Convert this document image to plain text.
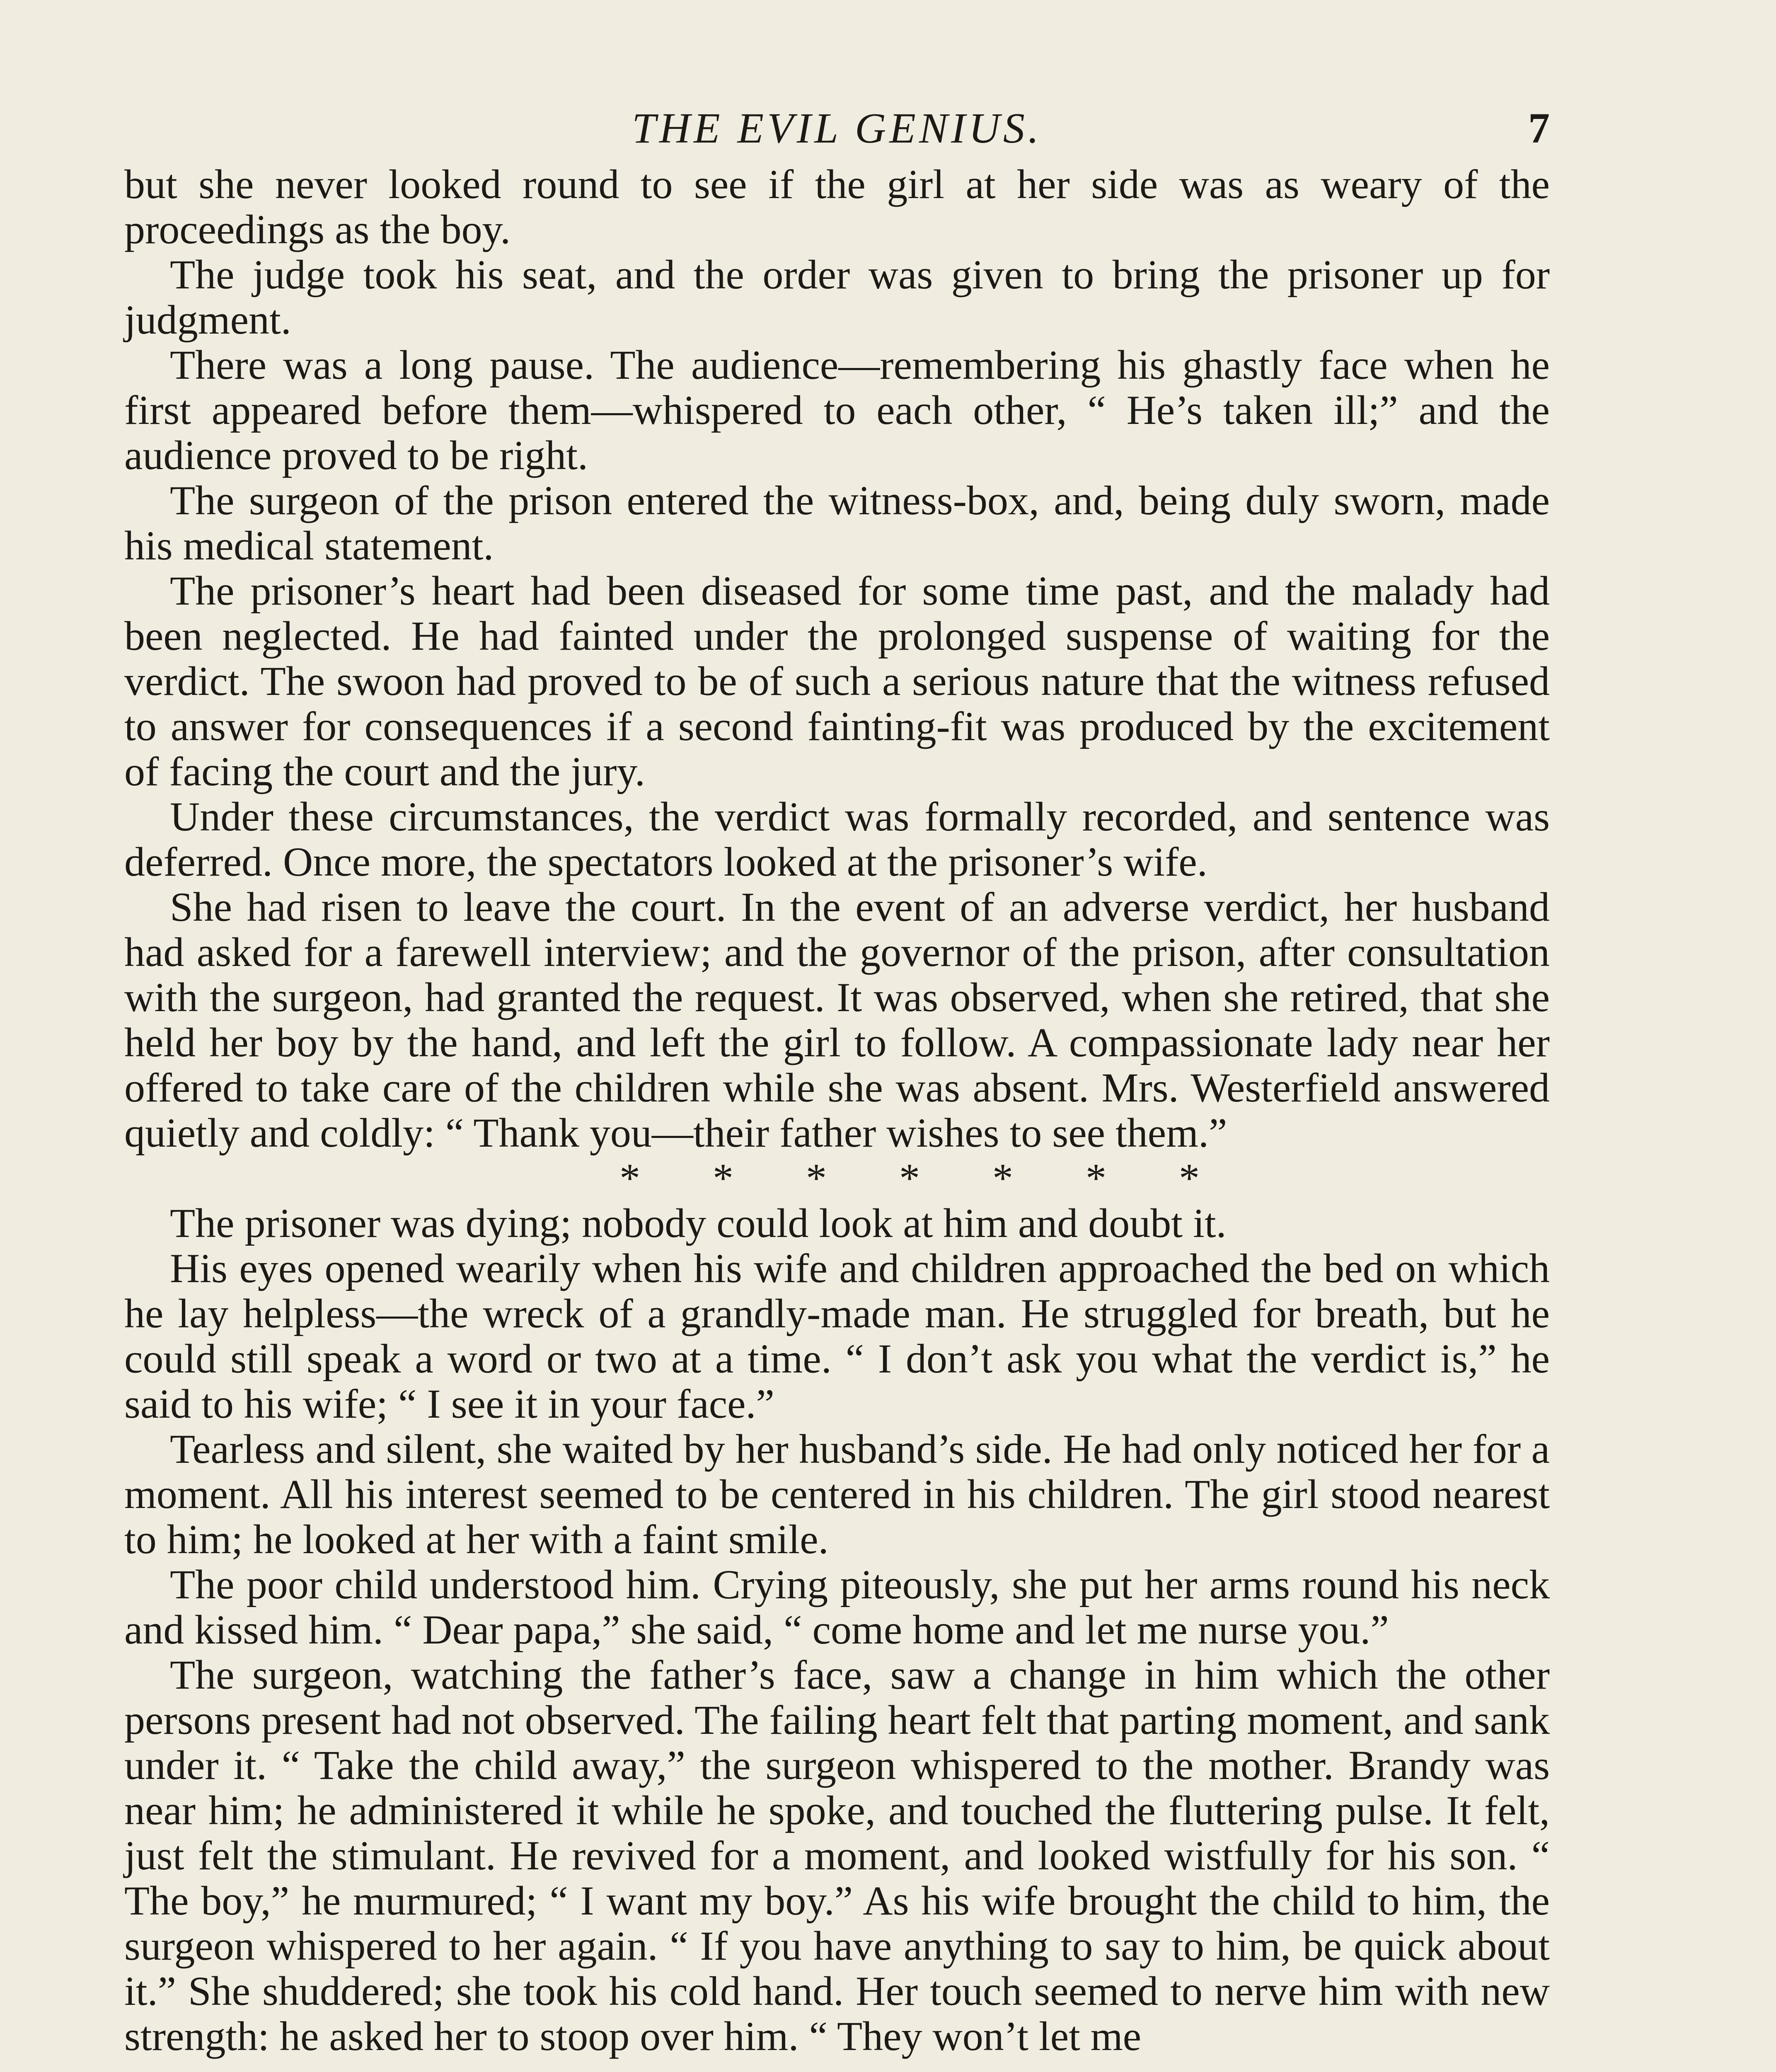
THE EVIL GENIUS.	7

but she never looked round to see if the girl at her side was as weary of the proceedings as the boy.

The judge took his seat, and the order was given to bring the prisoner up for judgment.

There was a long pause. The audience—remembering his ghastly face when he first appeared before them—whispered to each other, “ He’s taken ill;” and the audience proved to be right.

The surgeon of the prison entered the witness-box, and, being duly sworn, made his medical statement.

The prisoner’s heart had been diseased for some time past, and the malady had been neglected. He had fainted under the prolonged suspense of waiting for the verdict. The swoon had proved to be of such a serious nature that the witness refused to answer for consequences if a second fainting-fit was produced by the excitement of facing the court and the jury.

Under these circumstances, the verdict was formally recorded, and sentence was deferred. Once more, the spectators looked at the prisoner’s wife.

She had risen to leave the court. In the event of an adverse verdict, her husband had asked for a farewell interview; and the governor of the prison, after consultation with the surgeon, had granted the request. It was observed, when she retired, that she held her boy by the hand, and left the girl to follow. A compassionate lady near her offered to take care of the children while she was absent. Mrs. Westerfield answered quietly and coldly: “ Thank you—their father wishes to see them.”

* * * * * * *

The prisoner was dying; nobody could look at him and doubt it.

His eyes opened wearily when his wife and children approached the bed on which he lay helpless—the wreck of a grandly-made man. He struggled for breath, but he could still speak a word or two at a time. “ I don’t ask you what the verdict is,” he said to his wife; “ I see it in your face.”

Tearless and silent, she waited by her husband’s side. He had only noticed her for a moment. All his interest seemed to be centered in his children. The girl stood nearest to him; he looked at her with a faint smile.

The poor child understood him. Crying piteously, she put her arms round his neck and kissed him. “ Dear papa,” she said, “ come home and let me nurse you.”

The surgeon, watching the father’s face, saw a change in him which the other persons present had not observed. The failing heart felt that parting moment, and sank under it. “ Take the child away,” the surgeon whispered to the mother. Brandy was near him; he administered it while he spoke, and touched the fluttering pulse. It felt, just felt the stimulant. He revived for a moment, and looked wistfully for his son. “ The boy,” he murmured; “ I want my boy.” As his wife brought the child to him, the surgeon whispered to her again. “ If you have anything to say to him, be quick about it.” She shuddered; she took his cold hand. Her touch seemed to nerve him with new strength: he asked her to stoop over him. “ They won’t let me
